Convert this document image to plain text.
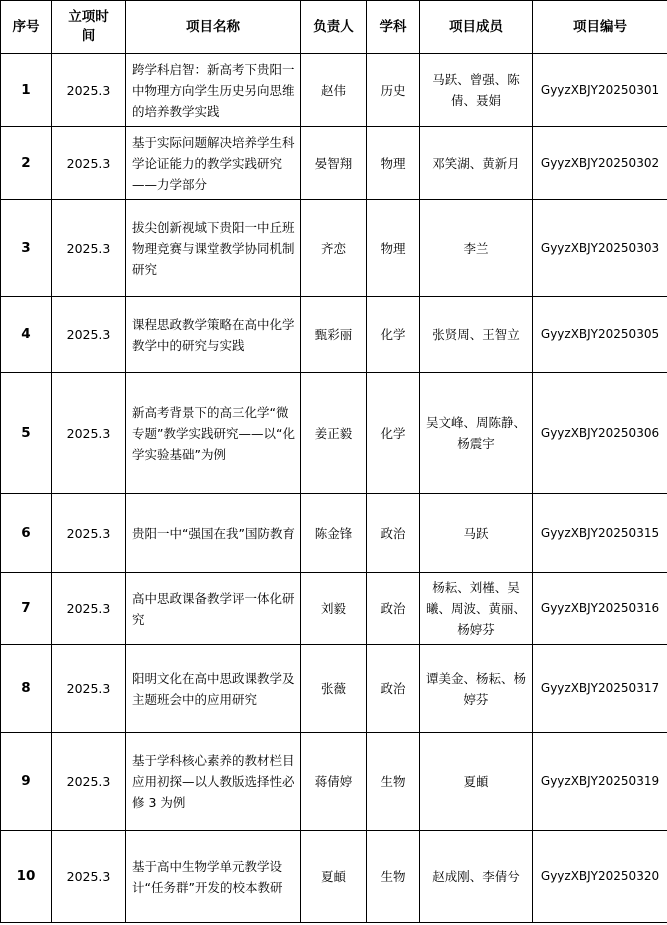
序号	立项时间	项目名称	负责人	学科	项目成员	项目编号
1	2025.3	跨学科启智：新高考下贵阳一中物理方向学生历史另向思维的培养教学实践	赵伟	历史	马跃、曾强、陈倩、聂娟	GyyzXBJY20250301
2	2025.3	基于实际问题解决培养学生科学论证能力的教学实践研究——力学部分	晏智翔	物理	邓笑湖、黄新月	GyyzXBJY20250302
3	2025.3	拔尖创新视域下贵阳一中丘班物理竞赛与课堂教学协同机制研究	齐恋	物理	李兰	GyyzXBJY20250303
4	2025.3	课程思政教学策略在高中化学教学中的研究与实践	甄彩丽	化学	张贤周、王智立	GyyzXBJY20250305
5	2025.3	新高考背景下的高三化学“微专题”教学实践研究——以“化学实验基础”为例	姜正毅	化学	吴文峰、周陈静、杨震宇	GyyzXBJY20250306
6	2025.3	贵阳一中“强国在我”国防教育	陈金锋	政治	马跃	GyyzXBJY20250315
7	2025.3	高中思政课备教学评一体化研究	刘毅	政治	杨耘、刘槿、吴曦、周波、黄丽、杨婷芬	GyyzXBJY20250316
8	2025.3	阳明文化在高中思政课教学及主题班会中的应用研究	张薇	政治	谭美金、杨耘、杨婷芬	GyyzXBJY20250317
9	2025.3	基于学科核心素养的教材栏目应用初探—以人教版选择性必修 3 为例	蒋倩婷	生物	夏頔	GyyzXBJY20250319
10	2025.3	基于高中生物学单元教学设计“任务群”开发的校本教研	夏頔	生物	赵成刚、李倩兮	GyyzXBJY20250320
